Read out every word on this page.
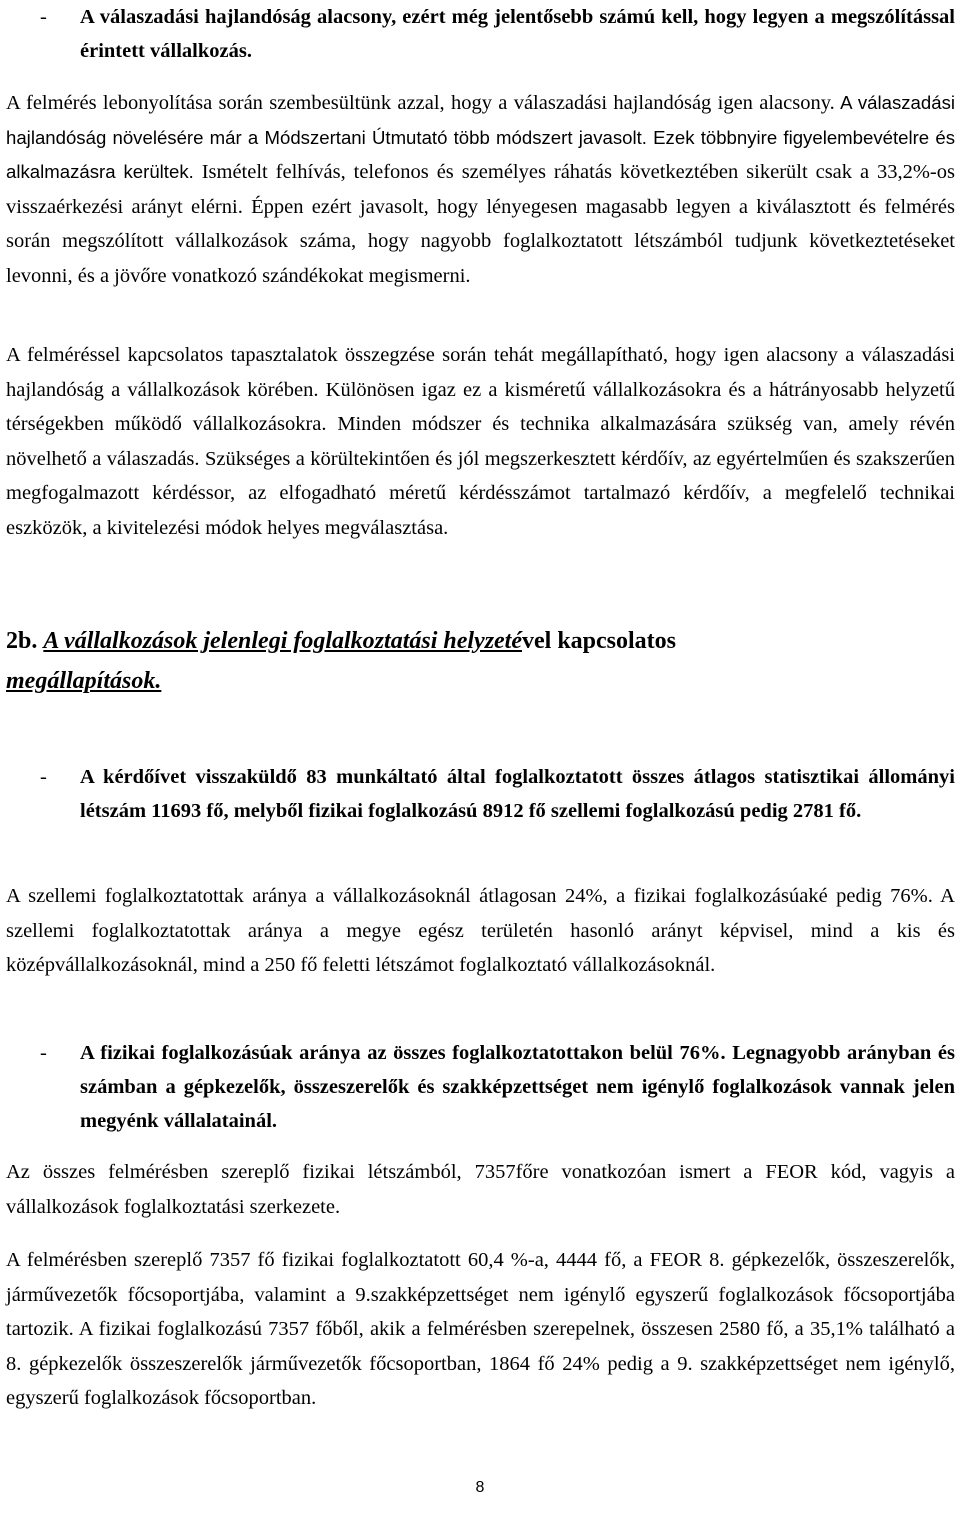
- A válaszadási hajlandóság alacsony, ezért még jelentősebb számú kell, hogy legyen a megszólítással érintett vállalkozás.

A felmérés lebonyolítása során szembesültünk azzal, hogy a válaszadási hajlandóság igen alacsony. A válaszadási hajlandóság növelésére már a Módszertani Útmutató több módszert javasolt. Ezek többnyire figyelembevételre és alkalmazásra kerültek. Ismételt felhívás, telefonos és személyes ráhatás következtében sikerült csak a 33,2%-os visszaérkezési arányt elérni. Éppen ezért javasolt, hogy lényegesen magasabb legyen a kiválasztott és felmérés során megszólított vállalkozások száma, hogy nagyobb foglalkoztatott létszámból tudjunk következtetéseket levonni, és a jövőre vonatkozó szándékokat megismerni.

A felméréssel kapcsolatos tapasztalatok összegzése során tehát megállapítható, hogy igen alacsony a válaszadási hajlandóság a vállalkozások körében. Különösen igaz ez a kisméretű vállalkozásokra és a hátrányosabb helyzetű térségekben működő vállalkozásokra. Minden módszer és technika alkalmazására szükség van, amely révén növelhető a válaszadás. Szükséges a körültekintően és jól megszerkesztett kérdőív, az egyértelműen és szakszerűen megfogalmazott kérdéssor, az elfogadható méretű kérdésszámot tartalmazó kérdőív, a megfelelő technikai eszközök, a kivitelezési módok helyes megválasztása.

2b. A vállalkozások jelenlegi foglalkoztatási helyzetével kapcsolatos
megállapítások.
- A kérdőívet visszaküldő 83 munkáltató által foglalkoztatott összes átlagos statisztikai állományi létszám 11693 fő, melyből fizikai foglalkozású 8912 fő szellemi foglalkozású pedig 2781 fő.

A szellemi foglalkoztatottak aránya a vállalkozásoknál átlagosan 24%, a fizikai foglalkozásúaké pedig 76%. A szellemi foglalkoztatottak aránya a megye egész területén hasonló arányt képvisel, mind a kis és középvállalkozásoknál, mind a 250 fő feletti létszámot foglalkoztató vállalkozásoknál.

- A fizikai foglalkozásúak aránya az összes foglalkoztatottakon belül 76%. Legnagyobb arányban és számban a gépkezelők, összeszerelők és szakképzettséget nem igénylő foglalkozások vannak jelen megyénk vállalatainál.

Az összes felmérésben szereplő fizikai létszámból, 7357főre vonatkozóan ismert a FEOR kód, vagyis a vállalkozások foglalkoztatási szerkezete.

A felmérésben szereplő 7357 fő fizikai foglalkoztatott 60,4 %-a, 4444 fő, a FEOR 8. gépkezelők, összeszerelők, járművezetők főcsoportjába, valamint a 9.szakképzettséget nem igénylő egyszerű foglalkozások főcsoportjába tartozik. A fizikai foglalkozású 7357 főből, akik a felmérésben szerepelnek, összesen 2580 fő, a 35,1% található a 8. gépkezelők összeszerelők járművezetők főcsoportban, 1864 fő 24% pedig a 9. szakképzettséget nem igénylő, egyszerű foglalkozások főcsoportban.

8
